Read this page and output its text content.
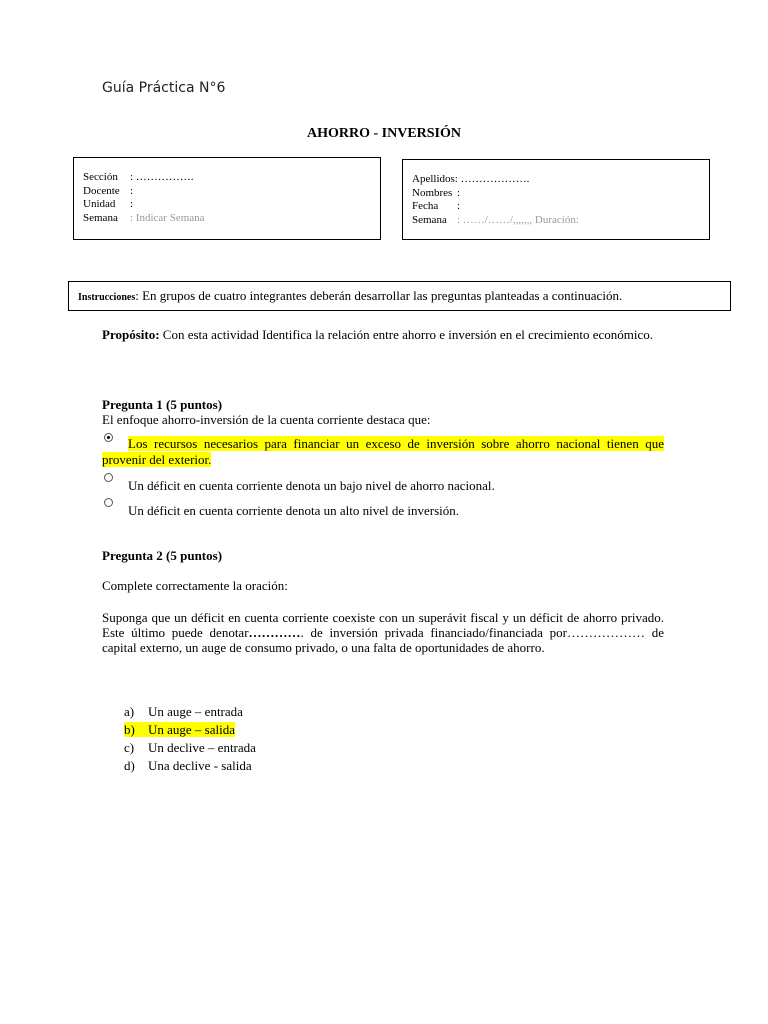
Guía Práctica N°6
AHORRO - INVERSIÓN
Sección	: …………….
Docente :
Unidad	:
Semana	: Indicar Semana
Apellidos : ……………….
Nombres :
Fecha	:
Semana : ……/……/,,,,,,, Duración:
Instrucciones: En grupos de cuatro integrantes deberán desarrollar las preguntas planteadas a continuación.
Propósito: Con esta actividad Identifica la relación entre ahorro e inversión en el crecimiento económico.
Pregunta 1 (5 puntos)
El enfoque ahorro-inversión de la cuenta corriente destaca que:
Los recursos necesarios para financiar un exceso de inversión sobre ahorro nacional tienen que provenir del exterior.
Un déficit en cuenta corriente denota un bajo nivel de ahorro nacional.
Un déficit en cuenta corriente denota un alto nivel de inversión.
Pregunta 2 (5 puntos)
Complete correctamente la oración:
Suponga que un déficit en cuenta corriente coexiste con un superávit fiscal y un déficit de ahorro privado. Este último puede denotar…………. de inversión privada financiado/financiada por……………… de capital externo, un auge de consumo privado, o una falta de oportunidades de ahorro.
a) Un auge – entrada
b) Un auge – salida
c) Un declive – entrada
d) Una declive - salida
